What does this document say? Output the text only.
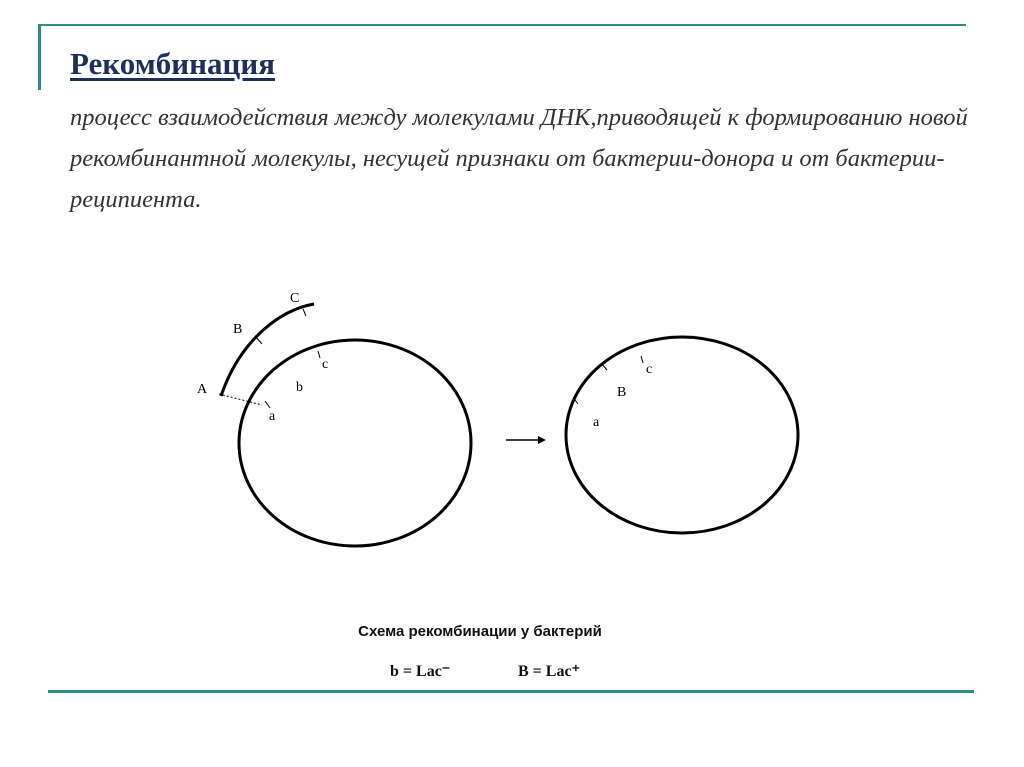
Рекомбинация
процесс взаимодействия между молекулами ДНК,приводящей к формированию новой рекомбинантной молекулы, несущей признаки от бактерии-донора и от бактерии-реципиента.
A
B
C
a
b
c
a
B
c
Схема рекомбинации у бактерий
b = Lac⁻	B = Lac⁺
